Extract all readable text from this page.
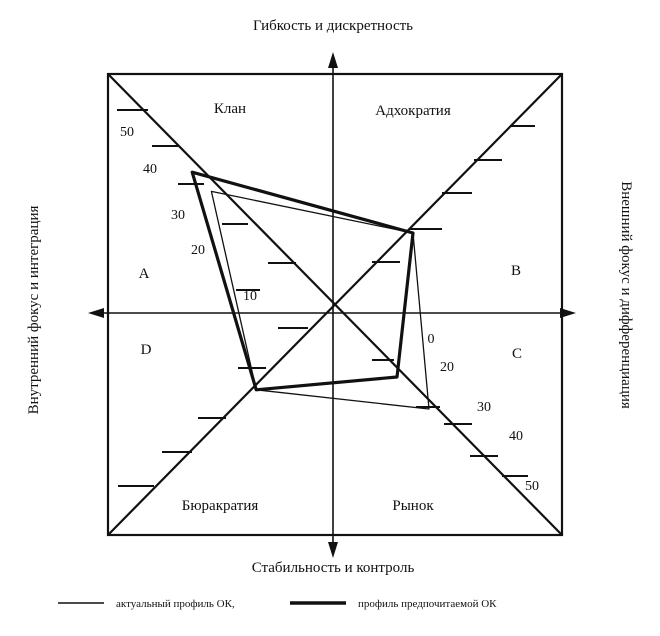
Гибкость и дискретность
Стабильность и контроль
Внутренний фокус и интеграция	Внешний фокус и дифференциация
Клан	Адхократия
Бюракратия	Рынок
A	B
C
D
50
40
30
20
10
0
20
30
40
50
актуальный профиль ОК,	профиль предпочитаемой ОК
